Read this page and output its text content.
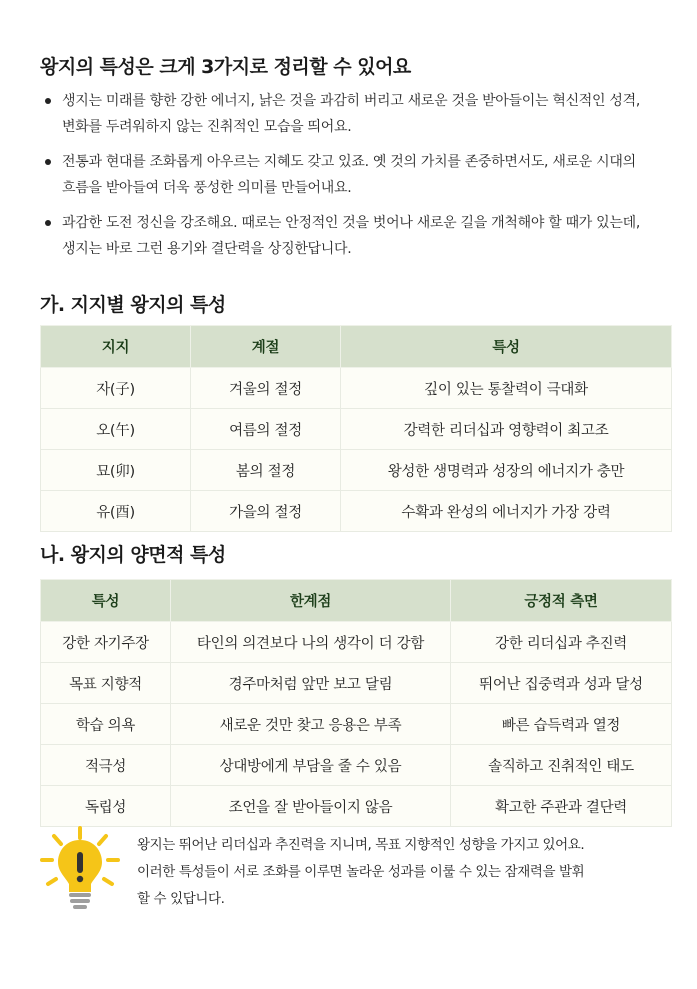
왕지의 특성은 크게 3가지로 정리할 수 있어요
생지는 미래를 향한 강한 에너지, 낡은 것을 과감히 버리고 새로운 것을 받아들이는 혁신적인 성격, 변화를 두려워하지 않는 진취적인 모습을 띄어요.
전통과 현대를 조화롭게 아우르는 지혜도 갖고 있죠. 옛 것의 가치를 존중하면서도, 새로운 시대의 흐름을 받아들여 더욱 풍성한 의미를 만들어내요.
과감한 도전 정신을 강조해요. 때로는 안정적인 것을 벗어나 새로운 길을 개척해야 할 때가 있는데, 생지는 바로 그런 용기와 결단력을 상징한답니다.
가. 지지별 왕지의 특성
지지	계절	특성
자(子)	겨울의 절정	깊이 있는 통찰력이 극대화
오(午)	여름의 절정	강력한 리더십과 영향력이 최고조
묘(卯)	봄의 절정	왕성한 생명력과 성장의 에너지가 충만
유(酉)	가을의 절정	수확과 완성의 에너지가 가장 강력
나. 왕지의 양면적 특성
특성	한계점	긍정적 측면
강한 자기주장	타인의 의견보다 나의 생각이 더 강함	강한 리더십과 추진력
목표 지향적	경주마처럼 앞만 보고 달림	뛰어난 집중력과 성과 달성
학습 의욕	새로운 것만 찾고 응용은 부족	빠른 습득력과 열정
적극성	상대방에게 부담을 줄 수 있음	솔직하고 진취적인 태도
독립성	조언을 잘 받아들이지 않음	확고한 주관과 결단력

왕지는 뛰어난 리더십과 추진력을 지니며, 목표 지향적인 성향을 가지고 있어요.
이러한 특성들이 서로 조화를 이루면 놀라운 성과를 이룰 수 있는 잠재력을 발휘
할 수 있답니다.
